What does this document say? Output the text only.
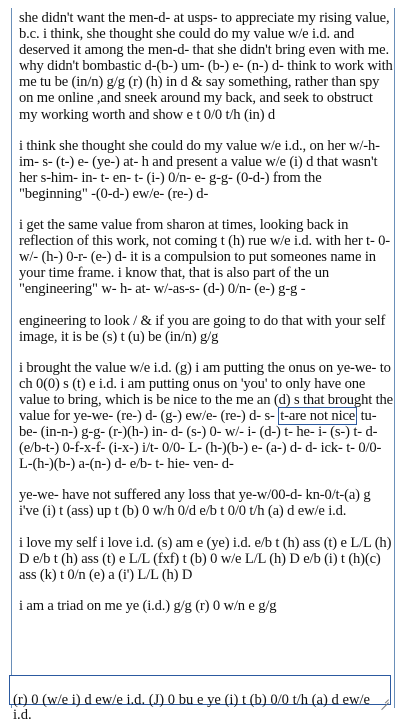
she didn't want the men-d- at usps- to appreciate my rising value, b.c. i think, she thought she could do my value w/e i.d. and deserved it among the men-d- that she didn't bring even with me. why didn't bombastic d-(b-) um- (b-) e- (n-) d- think to work with me tu be (in/n) g/g (r) (h) in d & say something, rather than spy on me online ,and sneek around my back, and seek to obstruct my working worth and show e t 0/0 t/h (in) d

i think she thought she could do my value w/e i.d., on her w/-h-im- s- (t-) e- (ye-) at- h and present a value w/e (i) d that wasn't her s-him- in- t- en- t- (i-) 0/n- e- g-g- (0-d-) from the "beginning" -(0-d-) ew/e- (re-) d-

i get the same value from sharon at times, looking back in reflection of this work, not coming t (h) rue w/e i.d. with her t- 0- w/- (h-) 0-r- (e-) d- it is a compulsion to put someones name in your time frame. i know that, that is also part of the un "engineering" w- h- at- w/-as-s- (d-) 0/n- (e-) g-g -

engineering to look / & if you are going to do that with your self image, it is be (s) t (u) be (in/n) g/g

i brought the value w/e i.d. (g) i am putting the onus on ye-we- to ch 0(0) s (t) e i.d. i am putting onus on 'you' to only have one value to bring, which is be nice to the me an (d) s that brought the value for ye-we- (re-) d- (g-) ew/e- (re-) d- s- t-are not nice tu-be- (in-n-) g-g- (r-)(h-) in- d- (s-) 0- w/- i- (d-) t- he- i- (s-) t- d- (e/b-t-) 0-f-x-f- (i-x-) i/t- 0/0- L- (h-)(b-) e- (a-) d- d- ick- t- 0/0- L-(h-)(b-) a-(n-) d- e/b- t- hie- ven- d-

ye-we- have not suffered any loss that ye-w/00-d- kn-0/t-(a) g i've (i) t (ass) up t (b) 0 w/h 0/d e/b t 0/0 t/h (a) d ew/e i.d.

i love my self i love i.d. (s) am e (ye) i.d. e/b t (h) ass (t) e L/L (h) D e/b t (h) ass (t) e L/L (fxf) t (b) 0 w/e L/L (h) D e/b (i) t (h)(c) ass (k) t 0/n (e) a (i') L/L (h) D

i am a triad on me ye (i.d.) g/g (r) 0 w/n e g/g

(r) 0 (w/e i) d ew/e i.d. (J) 0 bu e ye (i) t (b) 0/0 t/h (a) d ew/e i.d.
